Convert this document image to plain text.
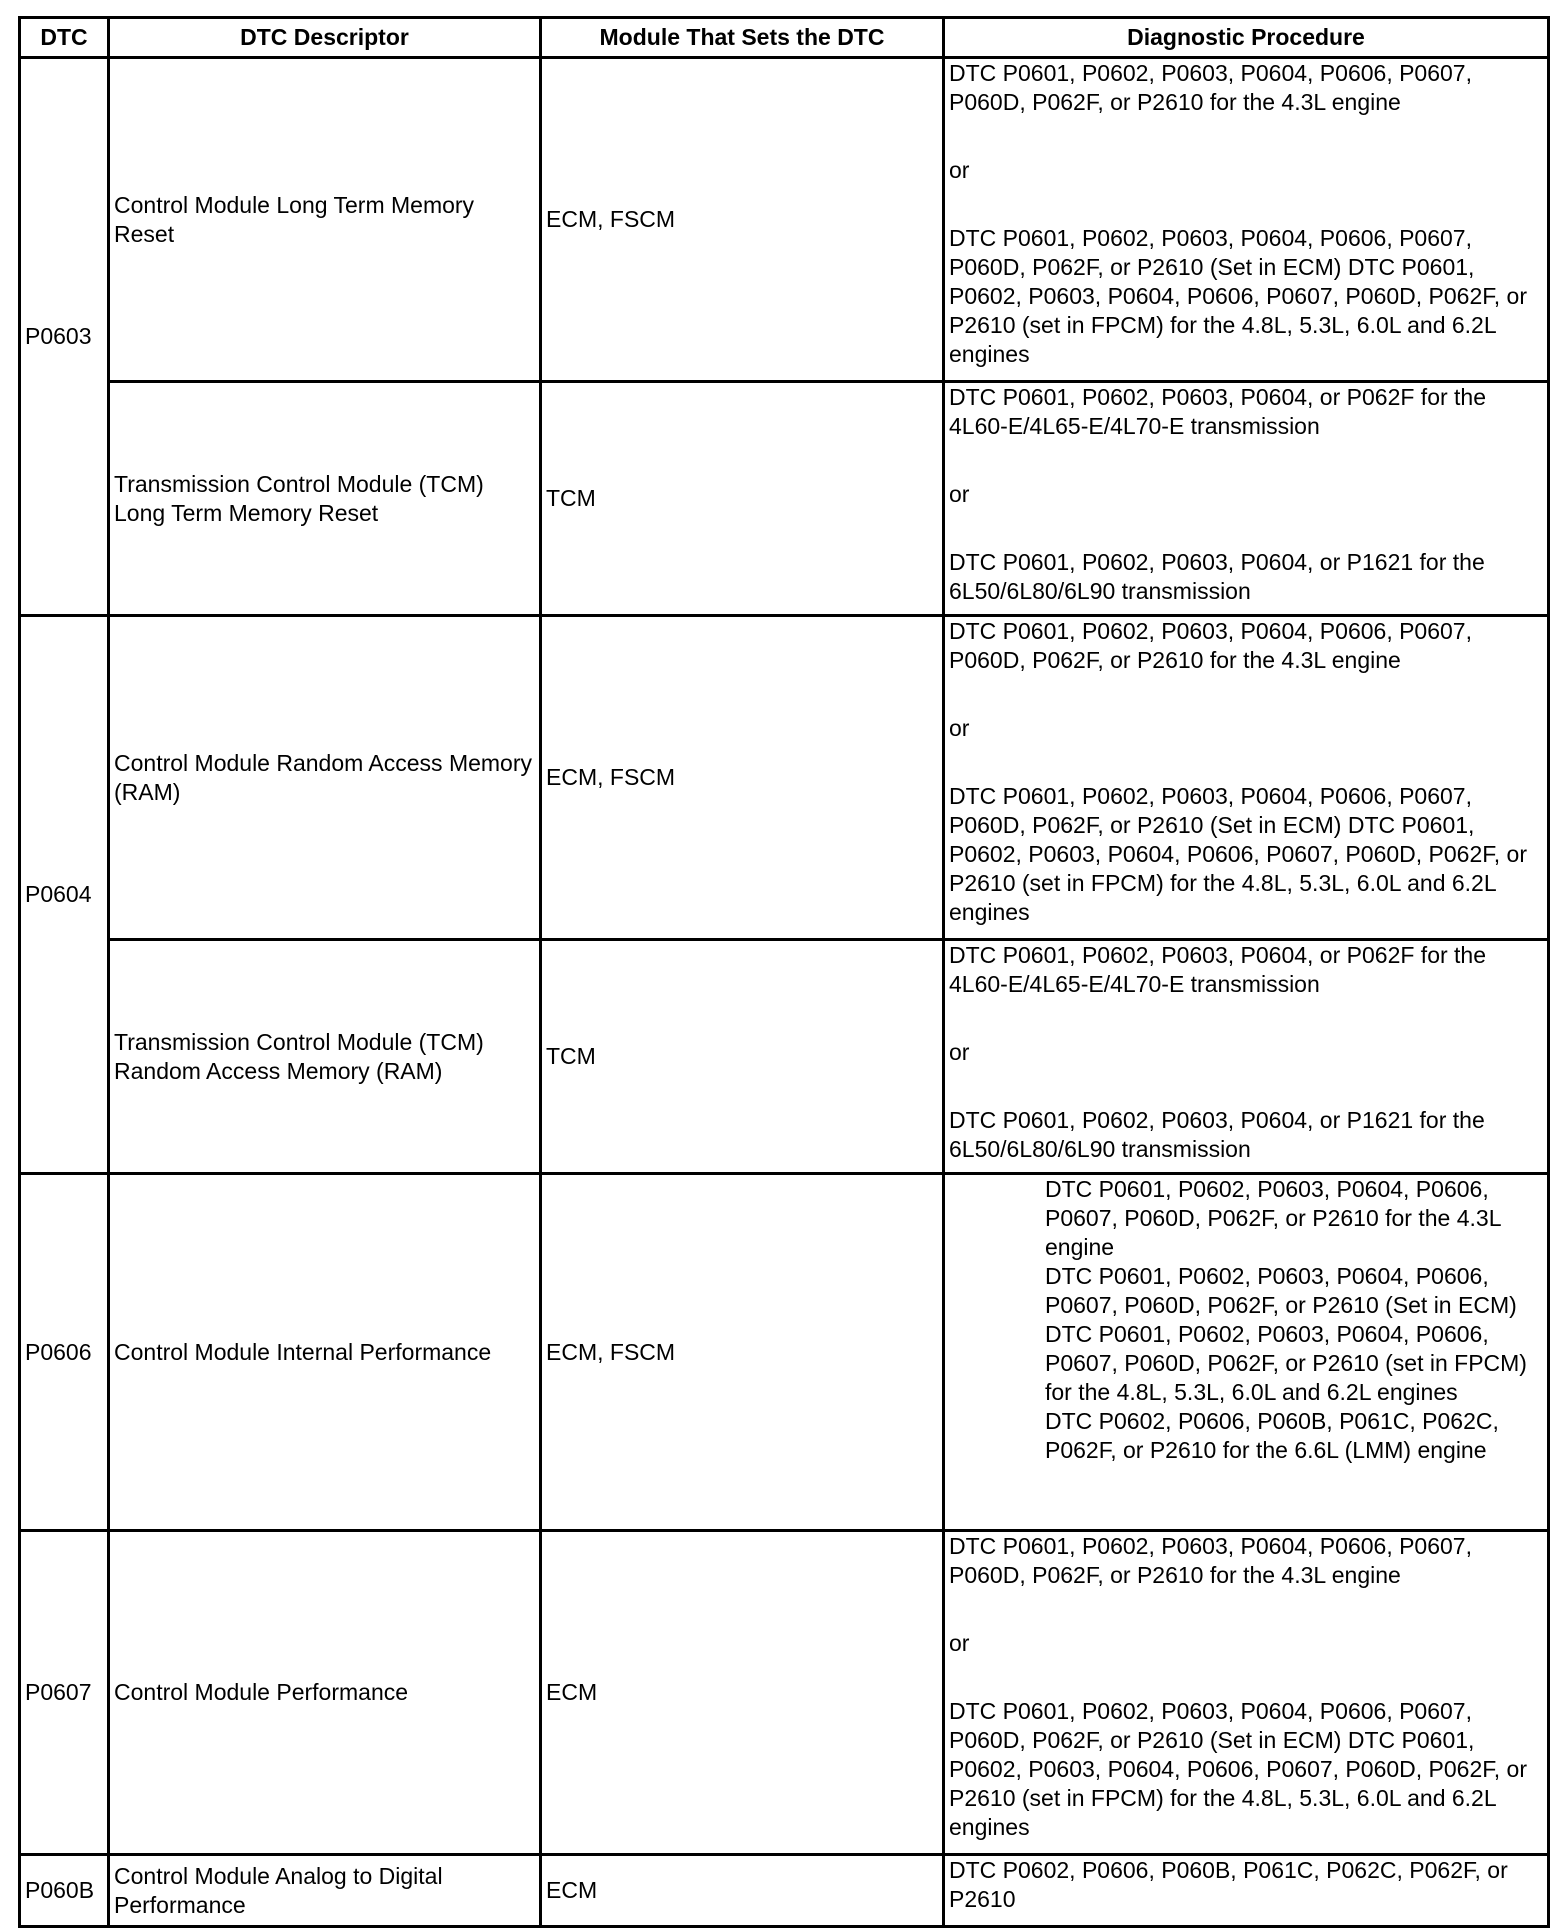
DTC	DTC Descriptor	Module That Sets the DTC	Diagnostic Procedure
P0603	Control Module Long Term Memory Reset	ECM, FSCM	DTC P0601, P0602, P0603, P0604, P0606, P0607, P060D, P062F, or P2610 for the 4.3L engine

or

DTC P0601, P0602, P0603, P0604, P0606, P0607, P060D, P062F, or P2610 (Set in ECM) DTC P0601, P0602, P0603, P0604, P0606, P0607, P060D, P062F, or P2610 (set in FPCM) for the 4.8L, 5.3L, 6.0L and 6.2L engines

	Transmission Control Module (TCM) Long Term Memory Reset	TCM	DTC P0601, P0602, P0603, P0604, or P062F for the 4L60-E/4L65-E/4L70-E transmission

or

DTC P0601, P0602, P0603, P0604, or P1621 for the 6L50/6L80/6L90 transmission

P0604	Control Module Random Access Memory (RAM)	ECM, FSCM	DTC P0601, P0602, P0603, P0604, P0606, P0607, P060D, P062F, or P2610 for the 4.3L engine

or

DTC P0601, P0602, P0603, P0604, P0606, P0607, P060D, P062F, or P2610 (Set in ECM) DTC P0601, P0602, P0603, P0604, P0606, P0607, P060D, P062F, or P2610 (set in FPCM) for the 4.8L, 5.3L, 6.0L and 6.2L engines

	Transmission Control Module (TCM) Random Access Memory (RAM)	TCM	DTC P0601, P0602, P0603, P0604, or P062F for the 4L60-E/4L65-E/4L70-E transmission

or

DTC P0601, P0602, P0603, P0604, or P1621 for the 6L50/6L80/6L90 transmission

P0606	Control Module Internal Performance	ECM, FSCM	DTC P0601, P0602, P0603, P0604, P0606, P0607, P060D, P062F, or P2610 for the 4.3L engine

DTC P0601, P0602, P0603, P0604, P0606, P0607, P060D, P062F, or P2610 (Set in ECM) DTC P0601, P0602, P0603, P0604, P0606, P0607, P060D, P062F, or P2610 (set in FPCM) for the 4.8L, 5.3L, 6.0L and 6.2L engines

DTC P0602, P0606, P060B, P061C, P062C, P062F, or P2610 for the 6.6L (LMM) engine

P0607	Control Module Performance	ECM	DTC P0601, P0602, P0603, P0604, P0606, P0607, P060D, P062F, or P2610 for the 4.3L engine

or

DTC P0601, P0602, P0603, P0604, P0606, P0607, P060D, P062F, or P2610 (Set in ECM) DTC P0601, P0602, P0603, P0604, P0606, P0607, P060D, P062F, or P2610 (set in FPCM) for the 4.8L, 5.3L, 6.0L and 6.2L engines

P060B	Control Module Analog to Digital Performance	ECM	DTC P0602, P0606, P060B, P061C, P062C, P062F, or P2610
